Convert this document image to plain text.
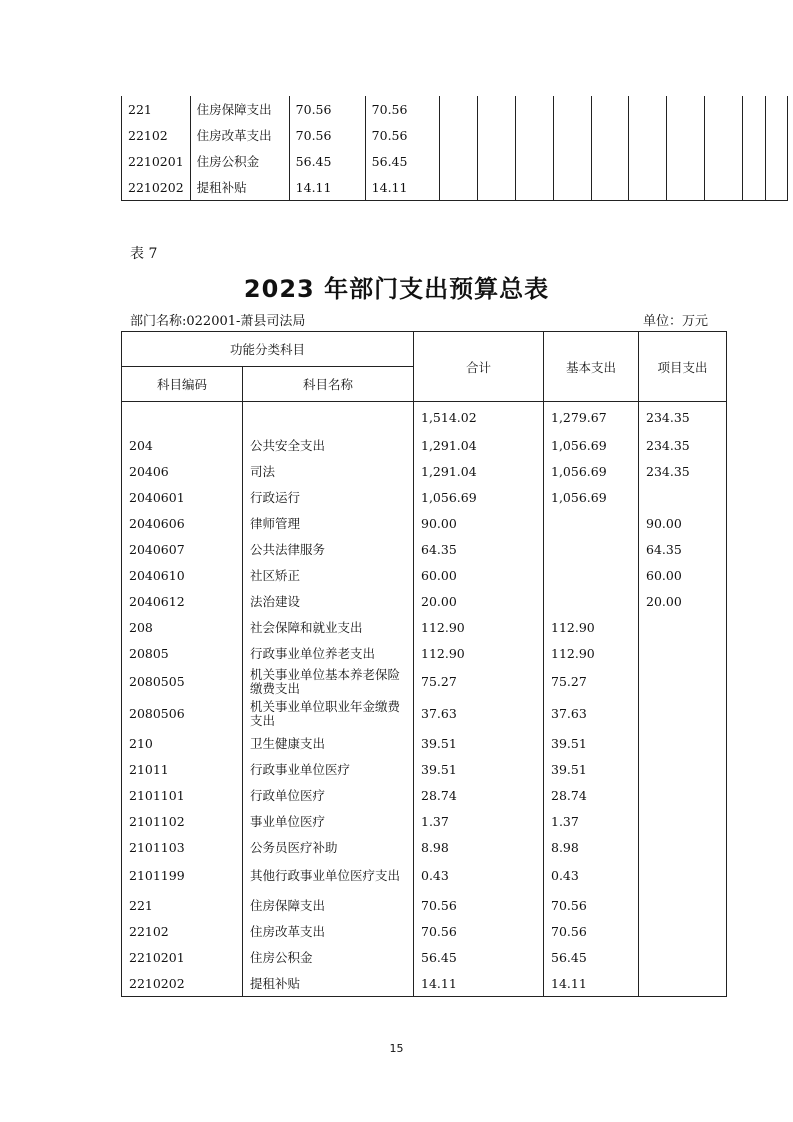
221	住房保障支出	70.56	70.56										
22102	住房改革支出	70.56	70.56										
2210201	住房公积金	56.45	56.45										
2210202	提租补贴	14.11	14.11										
表 7
2023 年部门支出预算总表
部门名称:022001-萧县司法局	单位：万元
功能分类科目		合计	基本支出	项目支出
科目编码	科目名称			
		1,514.02	1,279.67	234.35
204	公共安全支出	1,291.04	1,056.69	234.35
20406	司法	1,291.04	1,056.69	234.35
2040601	行政运行	1,056.69	1,056.69	
2040606	律师管理	90.00		90.00
2040607	公共法律服务	64.35		64.35
2040610	社区矫正	60.00		60.00
2040612	法治建设	20.00		20.00
208	社会保障和就业支出	112.90	112.90	
20805	行政事业单位养老支出	112.90	112.90	
2080505	机关事业单位基本养老保险缴费支出	75.27	75.27	
2080506	机关事业单位职业年金缴费支出	37.63	37.63	
210	卫生健康支出	39.51	39.51	
21011	行政事业单位医疗	39.51	39.51	
2101101	行政单位医疗	28.74	28.74	
2101102	事业单位医疗	1.37	1.37	
2101103	公务员医疗补助	8.98	8.98	
2101199	其他行政事业单位医疗支出	0.43	0.43	
221	住房保障支出	70.56	70.56	
22102	住房改革支出	70.56	70.56	
2210201	住房公积金	56.45	56.45	
2210202	提租补贴	14.11	14.11	
15
